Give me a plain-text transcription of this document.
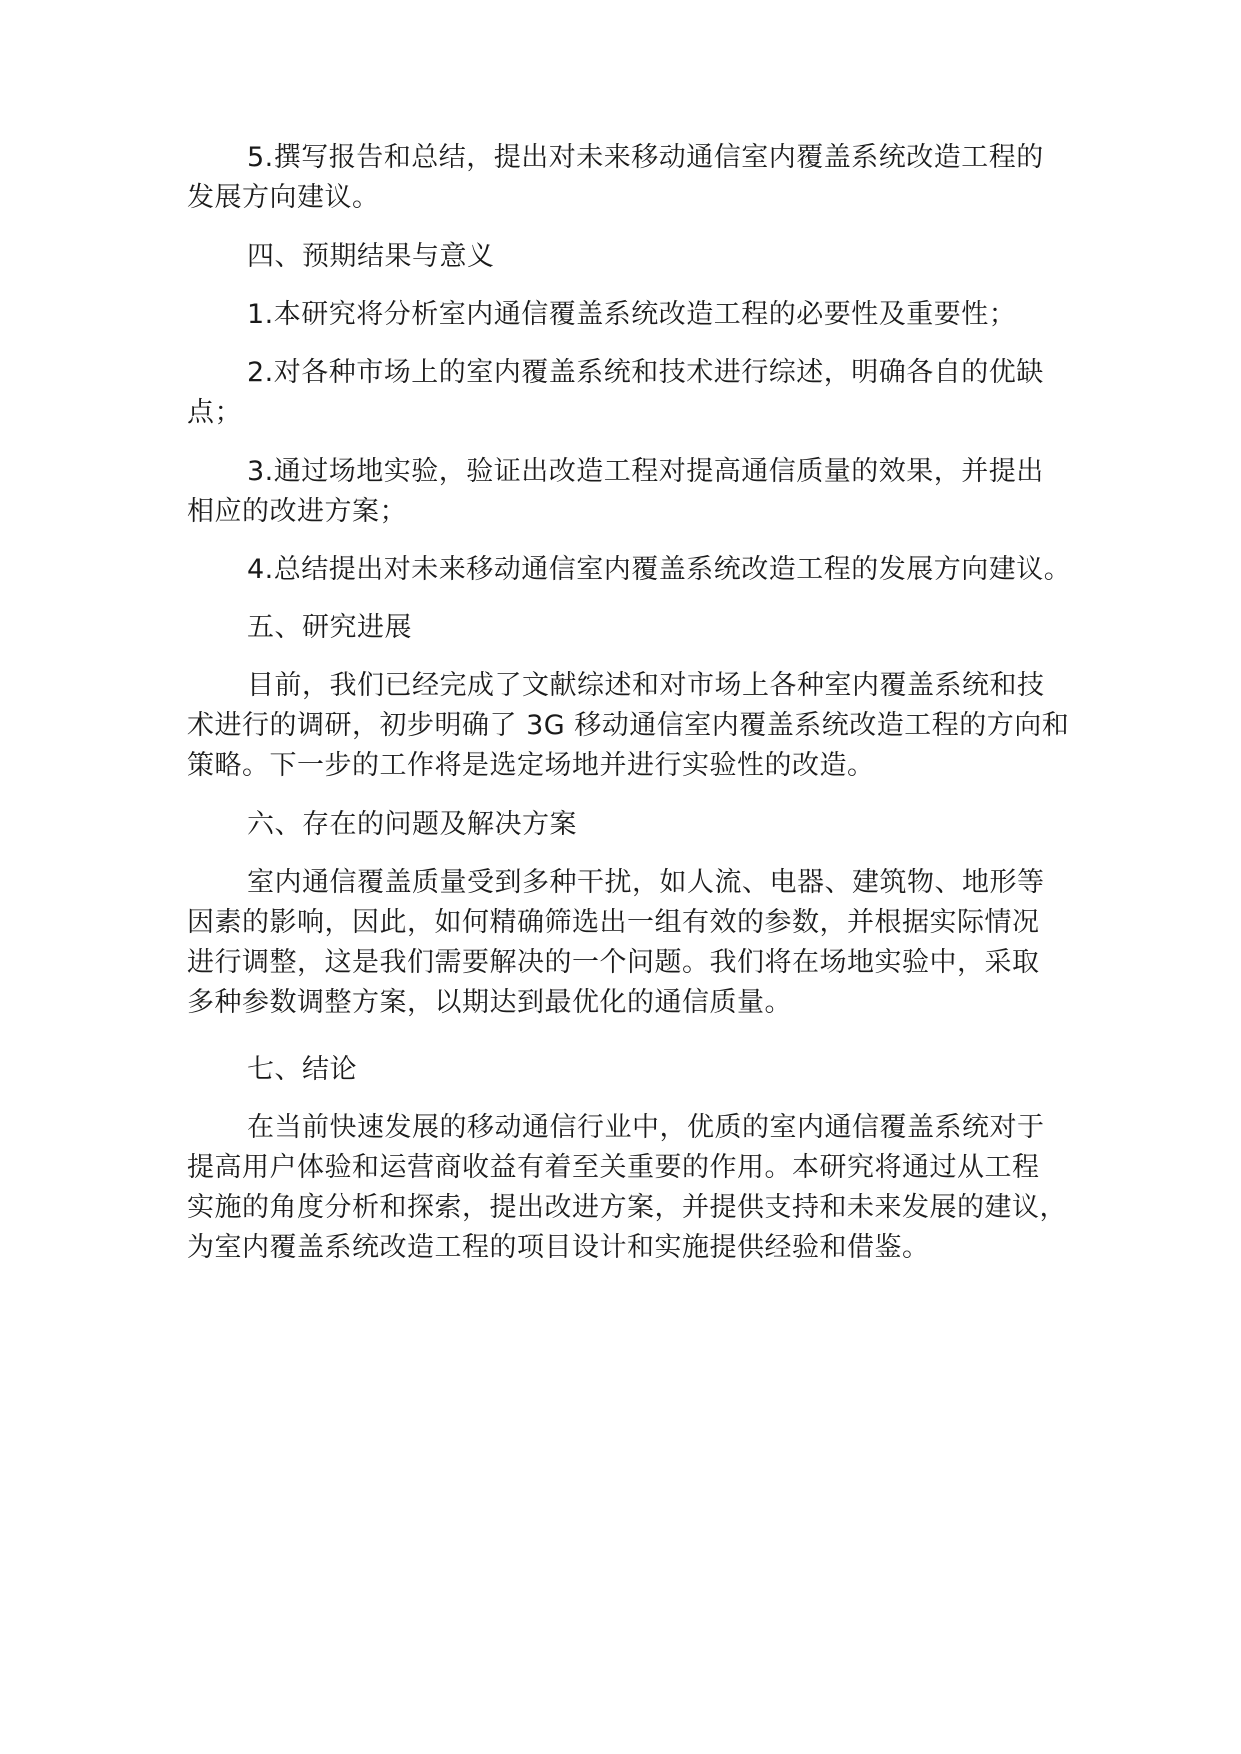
5.撰写报告和总结，提出对未来移动通信室内覆盖系统改造工程的
发展方向建议。
四、预期结果与意义
1.本研究将分析室内通信覆盖系统改造工程的必要性及重要性；
2.对各种市场上的室内覆盖系统和技术进行综述，明确各自的优缺
点；
3.通过场地实验，验证出改造工程对提高通信质量的效果，并提出
相应的改进方案；
4.总结提出对未来移动通信室内覆盖系统改造工程的发展方向建议。
五、研究进展
目前，我们已经完成了文献综述和对市场上各种室内覆盖系统和技
术进行的调研，初步明确了 3G 移动通信室内覆盖系统改造工程的方向和
策略。下一步的工作将是选定场地并进行实验性的改造。
六、存在的问题及解决方案
室内通信覆盖质量受到多种干扰，如人流、电器、建筑物、地形等
因素的影响，因此，如何精确筛选出一组有效的参数，并根据实际情况
进行调整，这是我们需要解决的一个问题。我们将在场地实验中，采取
多种参数调整方案，以期达到最优化的通信质量。
七、结论
在当前快速发展的移动通信行业中，优质的室内通信覆盖系统对于
提高用户体验和运营商收益有着至关重要的作用。本研究将通过从工程
实施的角度分析和探索，提出改进方案，并提供支持和未来发展的建议，
为室内覆盖系统改造工程的项目设计和实施提供经验和借鉴。
